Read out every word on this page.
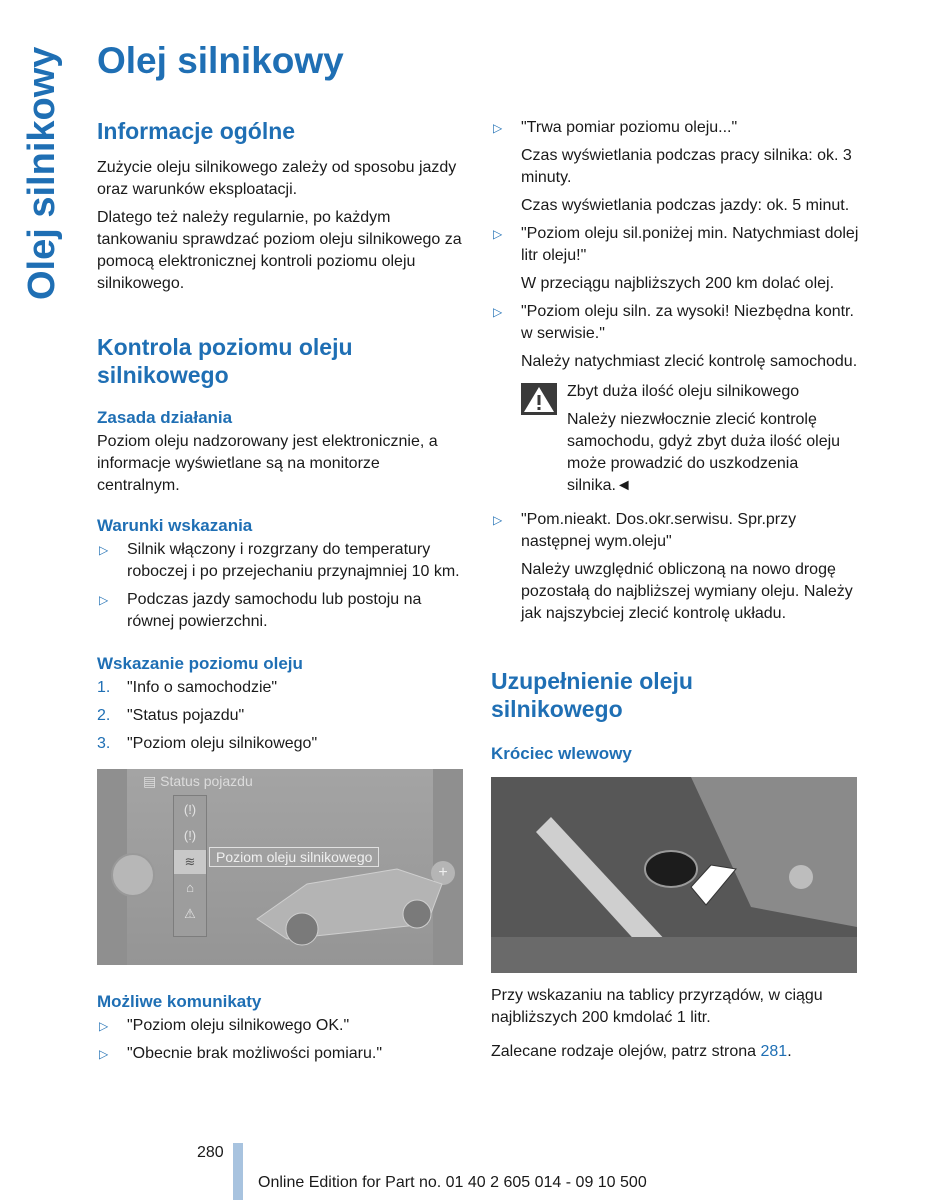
Olej silnikowy Olej silnikowy
Informacje ogólne

Zużycie oleju silnikowego zależy od sposobu jazdy oraz warunków eksploatacji.

Dlatego też należy regularnie, po każdym tankowaniu sprawdzać poziom oleju silnikowego za pomocą elektronicznej kontroli poziomu oleju silnikowego.

Kontrola poziomu oleju
silnikowego
Zasada działania

Poziom oleju nadzorowany jest elektronicznie, a informacje wyświetlane są na monitorze centralnym.

Warunki wskazania
▷ Silnik włączony i rozgrzany do temperatury roboczej i po przejechaniu przynajmniej 10 km.
▷ Podczas jazdy samochodu lub postoju na równej powierzchni.
Wskazanie poziomu oleju
1. "Info o samochodzie"
2. "Status pojazdu"
3. "Poziom oleju silnikowego"
▤ Status pojazdu
(!)
(!)
≋
⌂
⚠
Poziom oleju silnikowego
+
Możliwe komunikaty
▷ "Poziom oleju silnikowego OK."
▷ "Obecnie brak możliwości pomiaru."
▷ "Trwa pomiar poziomu oleju..."

Czas wyświetlania podczas pracy silnika: ok. 3 minuty.

Czas wyświetlania podczas jazdy: ok. 5 minut.

▷ "Poziom oleju sil.poniżej min. Natychmiast dolej litr oleju!"

W przeciągu najbliższych 200 km dolać olej.

▷ "Poziom oleju siln. za wysoki! Niezbędna kontr. w serwisie."

Należy natychmiast zlecić kontrolę samochodu.

Zbyt duża ilość oleju silnikowego

Należy niezwłocznie zlecić kontrolę samochodu, gdyż zbyt duża ilość oleju może prowadzić do uszkodzenia silnika.◄

▷ "Pom.nieakt. Dos.okr.serwisu. Spr.przy następnej wym.oleju"

Należy uwzględnić obliczoną na nowo drogę pozostałą do najbliższej wymiany oleju. Należy jak najszybciej zlecić kontrolę układu.

Uzupełnienie oleju
silnikowego
Króciec wlewowy

Przy wskazaniu na tablicy przyrządów, w ciągu najbliższych 200 kmdolać 1 litr.

Zalecane rodzaje olejów, patrz strona 281.

280
Online Edition for Part no. 01 40 2 605 014 - 09 10 500
